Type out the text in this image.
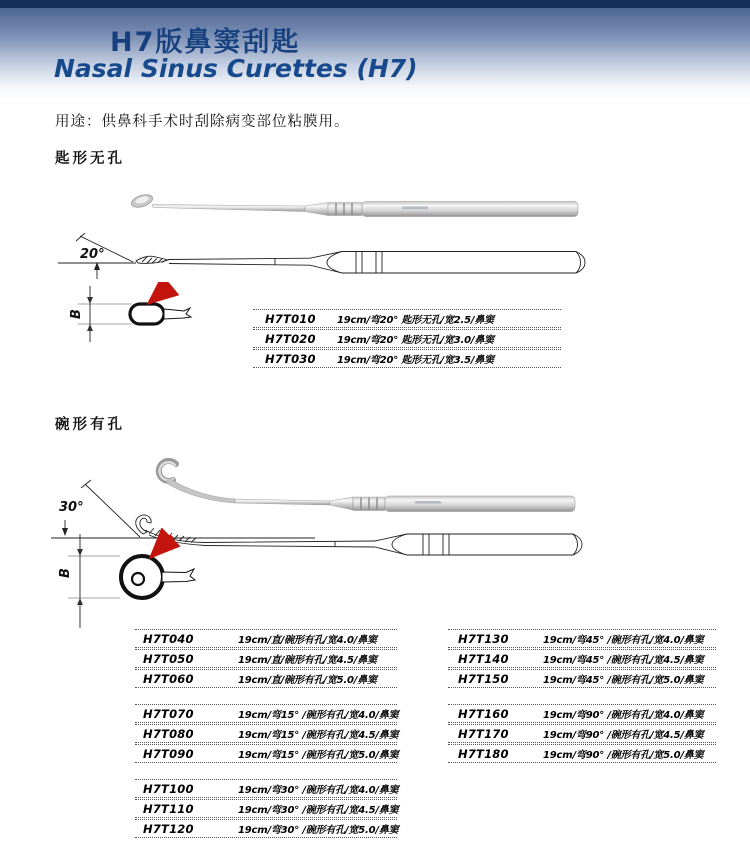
H7版鼻窦刮匙
Nasal Sinus Curettes (H7)
用途：供鼻科手术时刮除病变部位粘膜用。
匙形无孔
20°
B	H7T010	19cm/弯20° 匙形无孔/宽2.5/鼻窦
H7T020	19cm/弯20° 匙形无孔/宽3.0/鼻窦
H7T030	19cm/弯20° 匙形无孔/宽3.5/鼻窦
碗形有孔
30°
B
H7T040	19cm/直/碗形有孔/宽4.0/鼻窦
H7T050	19cm/直/碗形有孔/宽4.5/鼻窦
H7T060	19cm/直/碗形有孔/宽5.0/鼻窦
H7T070	19cm/弯15° /碗形有孔/宽4.0/鼻窦
H7T080	19cm/弯15° /碗形有孔/宽4.5/鼻窦
H7T090	19cm/弯15° /碗形有孔/宽5.0/鼻窦
H7T100	19cm/弯30° /碗形有孔/宽4.0/鼻窦
H7T110	19cm/弯30° /碗形有孔/宽4.5/鼻窦
H7T120	19cm/弯30° /碗形有孔/宽5.0/鼻窦
H7T130	19cm/弯45° /碗形有孔/宽4.0/鼻窦
H7T140	19cm/弯45° /碗形有孔/宽4.5/鼻窦
H7T150	19cm/弯45° /碗形有孔/宽5.0/鼻窦
H7T160	19cm/弯90° /碗形有孔/宽4.0/鼻窦
H7T170	19cm/弯90° /碗形有孔/宽4.5/鼻窦
H7T180	19cm/弯90° /碗形有孔/宽5.0/鼻窦
